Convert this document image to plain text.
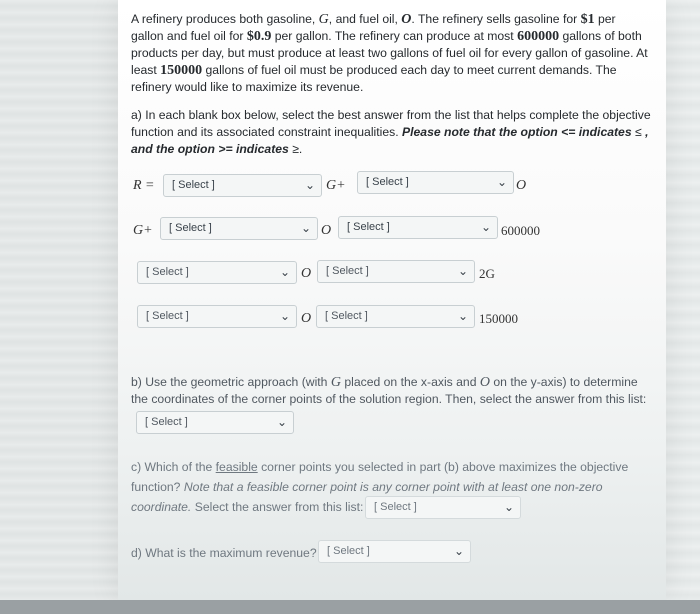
A refinery produces both gasoline, G, and fuel oil, O. The refinery sells gasoline for $1 per gallon and fuel oil for $0.9 per gallon. The refinery can produce at most 600000 gallons of both products per day, but must produce at least two gallons of fuel oil for every gallon of gasoline. At least 150000 gallons of fuel oil must be produced each day to meet current demands. The refinery would like to maximize its revenue.
a) In each blank box below, select the best answer from the list that helps complete the objective function and its associated constraint inequalities. Please note that the option <= indicates ≤ , and the option >= indicates ≥.
R =	[ Select ]	⌄ G+	[ Select ]	⌄ O
G+	[ Select ]	⌄ O	[ Select ]	⌄ 600000
[ Select ]	⌄ O	[ Select ]	⌄ 2G
[ Select ]	⌄ O	[ Select ]	⌄ 150000
b) Use the geometric approach (with G placed on the x-axis and O on the y-axis) to determine the coordinates of the corner points of the solution region. Then, select the answer from this list:
[ Select ]	⌄
c) Which of the feasible corner points you selected in part (b) above maximizes the objective function? Note that a feasible corner point is any corner point with at least one non-zero coordinate. Select the answer from this list: [ Select ]	⌄
d) What is the maximum revenue? [ Select ]	⌄
